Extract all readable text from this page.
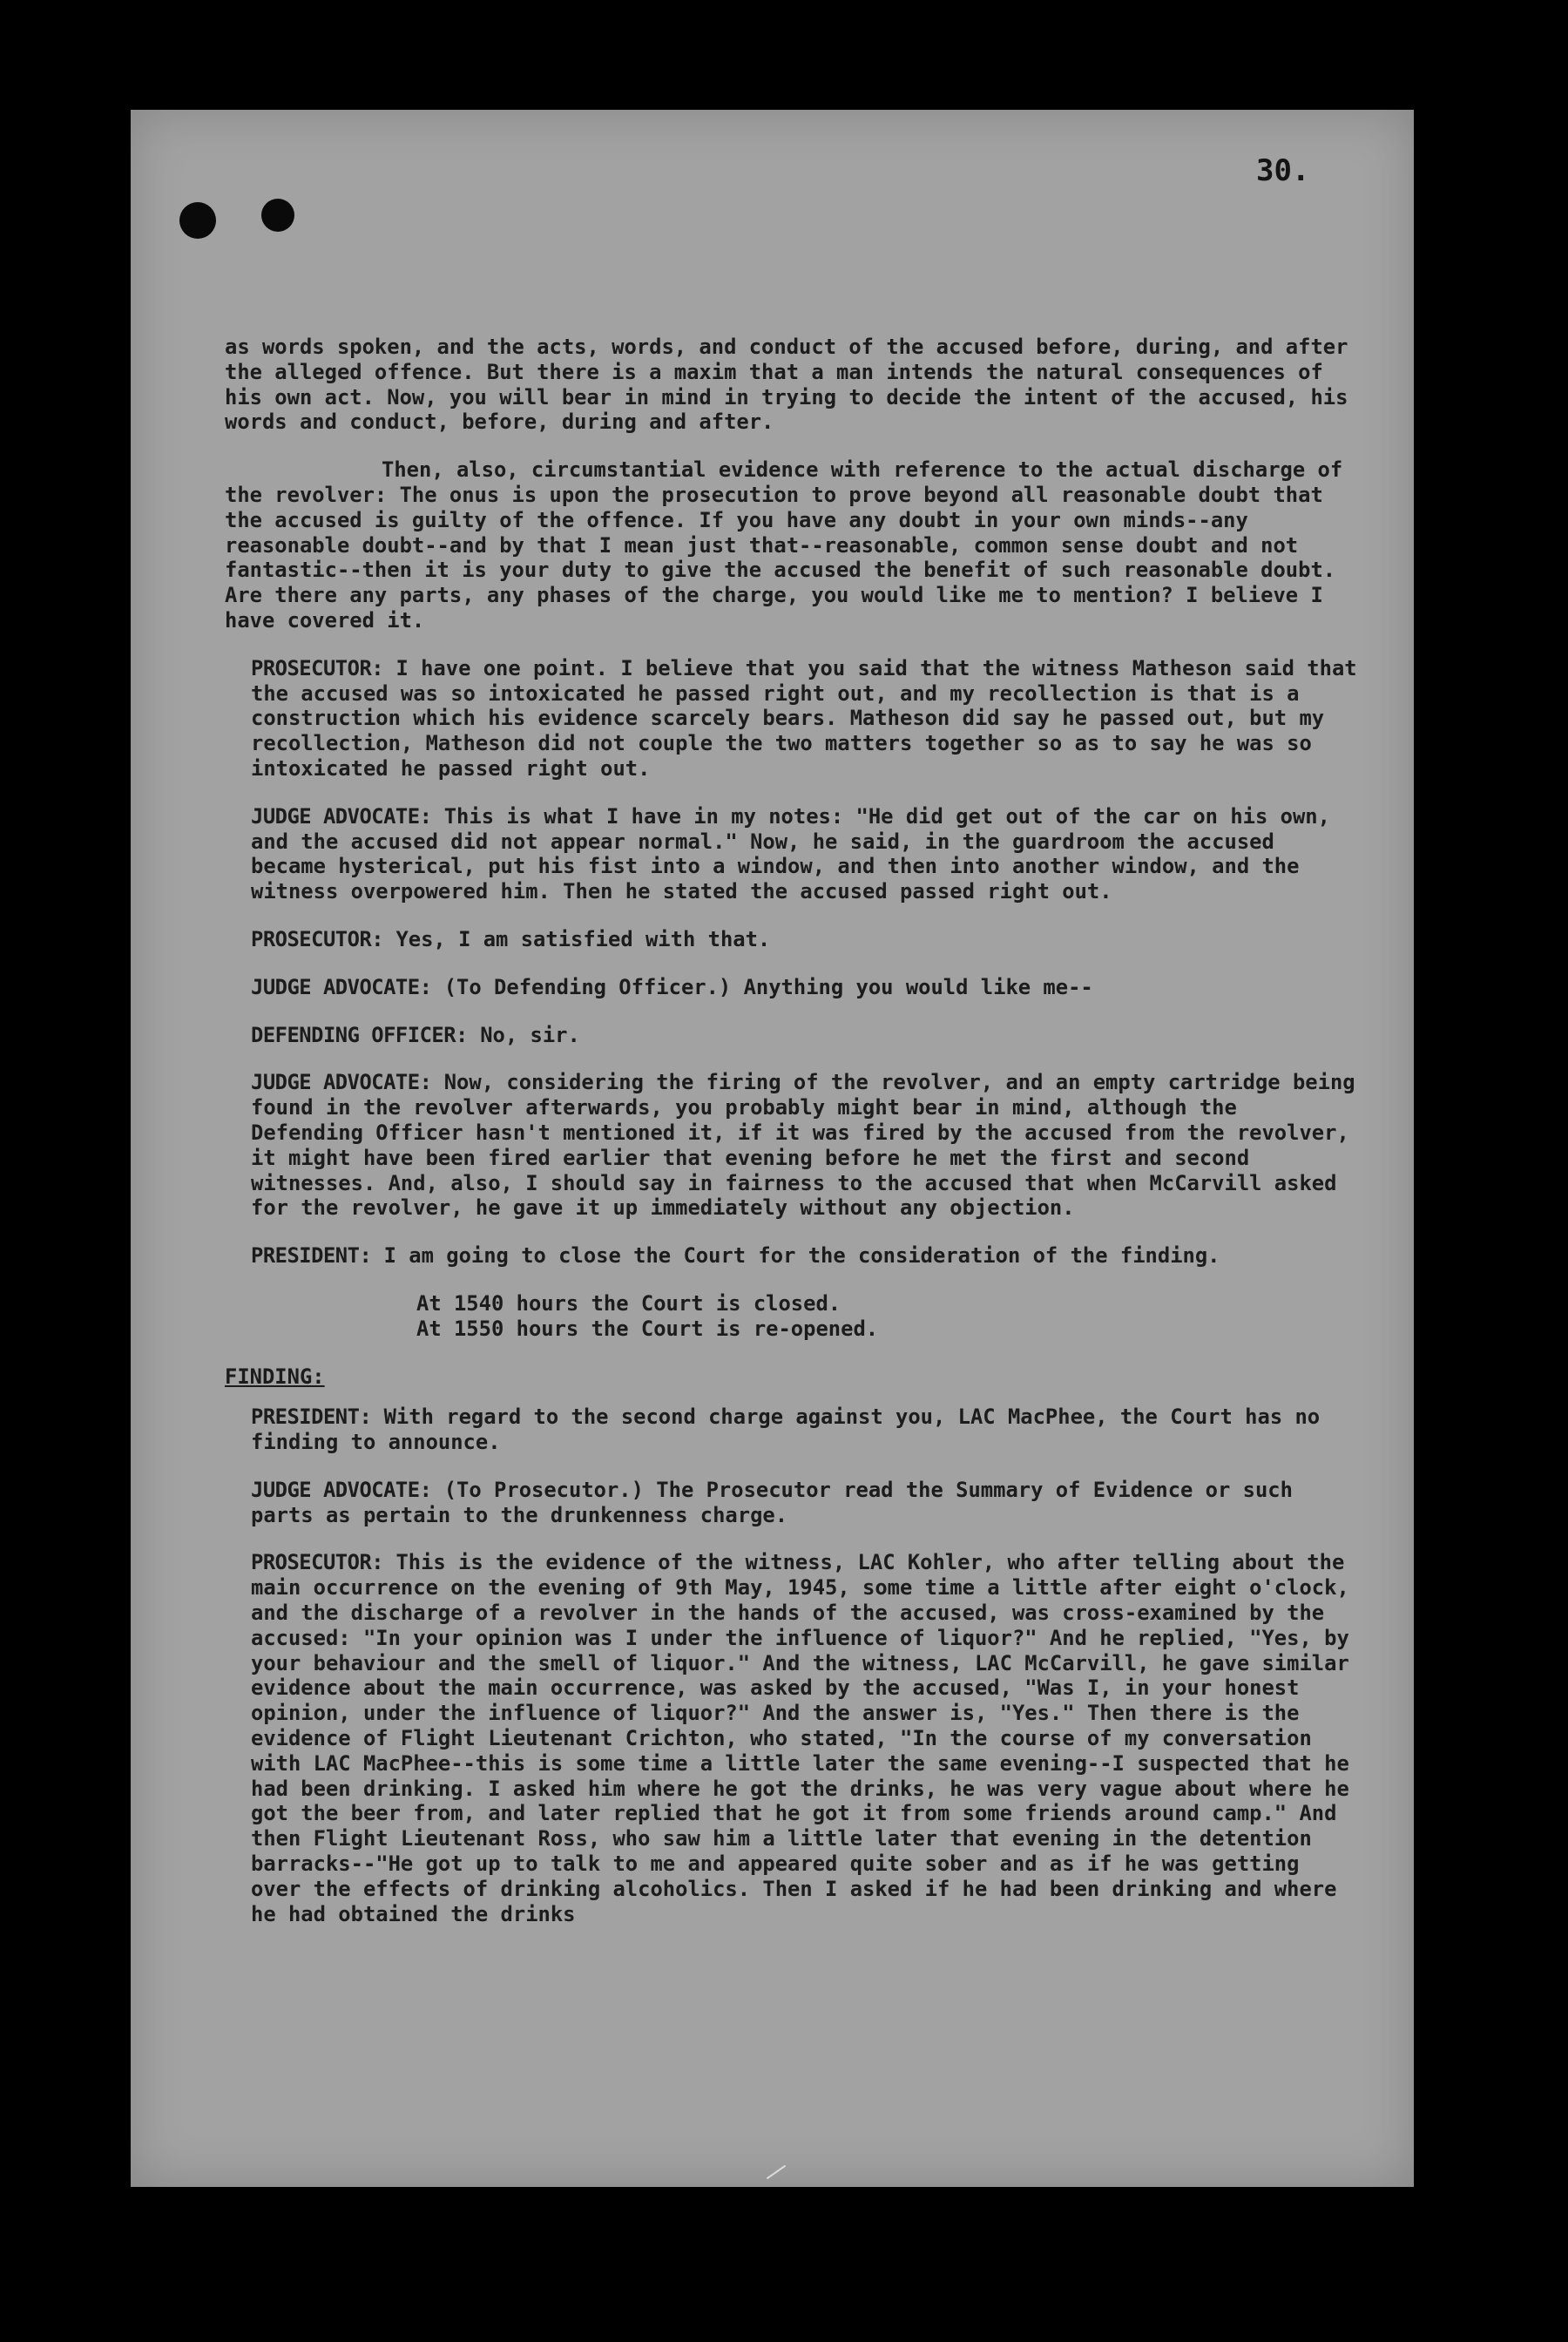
30.

as words spoken, and the acts, words, and conduct of the accused before, during, and after the alleged offence. But there is a maxim that a man intends the natural consequences of his own act. Now, you will bear in mind in trying to decide the intent of the accused, his words and conduct, before, during and after.

Then, also, circumstantial evidence with reference to the actual discharge of the revolver: The onus is upon the prosecution to prove beyond all reasonable doubt that the accused is guilty of the offence. If you have any doubt in your own minds--any reasonable doubt--and by that I mean just that--reasonable, common sense doubt and not fantastic--then it is your duty to give the accused the benefit of such reasonable doubt. Are there any parts, any phases of the charge, you would like me to mention? I believe I have covered it.

PROSECUTOR: I have one point. I believe that you said that the witness Matheson said that the accused was so intoxicated he passed right out, and my recollection is that is a construction which his evidence scarcely bears. Matheson did say he passed out, but my recollection, Matheson did not couple the two matters together so as to say he was so intoxicated he passed right out.

JUDGE ADVOCATE: This is what I have in my notes: "He did get out of the car on his own, and the accused did not appear normal." Now, he said, in the guardroom the accused became hysterical, put his fist into a window, and then into another window, and the witness overpowered him. Then he stated the accused passed right out.

PROSECUTOR: Yes, I am satisfied with that.

JUDGE ADVOCATE: (To Defending Officer.) Anything you would like me--

DEFENDING OFFICER: No, sir.

JUDGE ADVOCATE: Now, considering the firing of the revolver, and an empty cartridge being found in the revolver afterwards, you probably might bear in mind, although the Defending Officer hasn't mentioned it, if it was fired by the accused from the revolver, it might have been fired earlier that evening before he met the first and second witnesses. And, also, I should say in fairness to the accused that when McCarvill asked for the revolver, he gave it up immediately without any objection.

PRESIDENT: I am going to close the Court for the consideration of the finding.

At 1540 hours the Court is closed.
At 1550 hours the Court is re-opened.

FINDING:

PRESIDENT: With regard to the second charge against you, LAC MacPhee, the Court has no finding to announce.

JUDGE ADVOCATE: (To Prosecutor.) The Prosecutor read the Summary of Evidence or such parts as pertain to the drunkenness charge.

PROSECUTOR: This is the evidence of the witness, LAC Kohler, who after telling about the main occurrence on the evening of 9th May, 1945, some time a little after eight o'clock, and the discharge of a revolver in the hands of the accused, was cross-examined by the accused: "In your opinion was I under the influence of liquor?" And he replied, "Yes, by your behaviour and the smell of liquor." And the witness, LAC McCarvill, he gave similar evidence about the main occurrence, was asked by the accused, "Was I, in your honest opinion, under the influence of liquor?" And the answer is, "Yes." Then there is the evidence of Flight Lieutenant Crichton, who stated, "In the course of my conversation with LAC MacPhee--this is some time a little later the same evening--I suspected that he had been drinking. I asked him where he got the drinks, he was very vague about where he got the beer from, and later replied that he got it from some friends around camp." And then Flight Lieutenant Ross, who saw him a little later that evening in the detention barracks--"He got up to talk to me and appeared quite sober and as if he was getting over the effects of drinking alcoholics. Then I asked if he had been drinking and where he had obtained the drinks
